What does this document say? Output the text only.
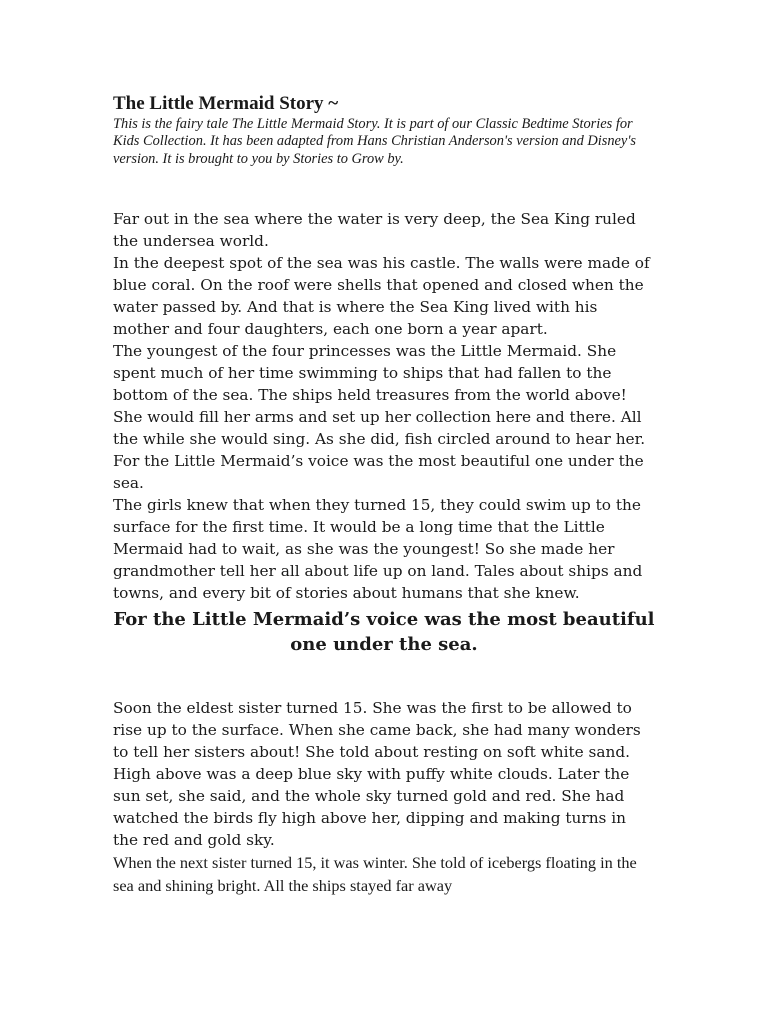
The Little Mermaid Story ~

This is the fairy tale The Little Mermaid Story. It is part of our Classic Bedtime Stories for Kids Collection. It has been adapted from Hans Christian Anderson's version and Disney's version. It is brought to you by Stories to Grow by.

Far out in the sea where the water is very deep, the Sea King ruled the undersea world.

In the deepest spot of the sea was his castle. The walls were made of blue coral. On the roof were shells that opened and closed when the water passed by. And that is where the Sea King lived with his mother and four daughters, each one born a year apart.

The youngest of the four princesses was the Little Mermaid. She spent much of her time swimming to ships that had fallen to the bottom of the sea. The ships held treasures from the world above! She would fill her arms and set up her collection here and there. All the while she would sing. As she did, fish circled around to hear her. For the Little Mermaid’s voice was the most beautiful one under the sea.

The girls knew that when they turned 15, they could swim up to the surface for the first time. It would be a long time that the Little Mermaid had to wait, as she was the youngest! So she made her grandmother tell her all about life up on land. Tales about ships and towns, and every bit of stories about humans that she knew.

For the Little Mermaid’s voice was the most beautiful one under the sea.

Soon the eldest sister turned 15. She was the first to be allowed to rise up to the surface. When she came back, she had many wonders to tell her sisters about! She told about resting on soft white sand. High above was a deep blue sky with puffy white clouds. Later the sun set, she said, and the whole sky turned gold and red. She had watched the birds fly high above her, dipping and making turns in the red and gold sky.

When the next sister turned 15, it was winter. She told of icebergs floating in the sea and shining bright. All the ships stayed far away
